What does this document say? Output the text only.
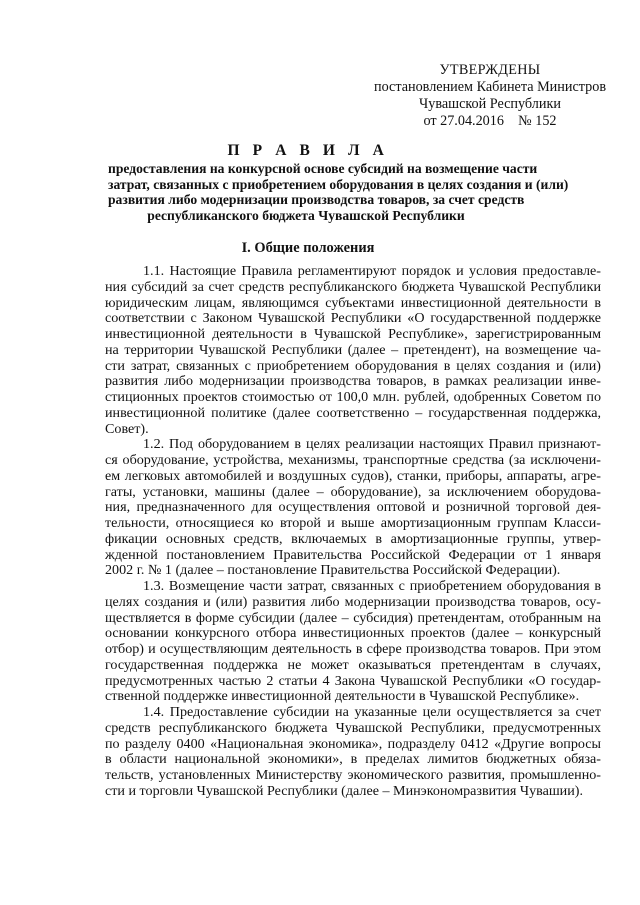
УТВЕРЖДЕНЫ
постановлением Кабинета Министров
Чувашской Республики
от 27.04.2016    № 152
П Р А В И Л А
предоставления на конкурсной основе субсидий на возмещение части
затрат, связанных с приобретением оборудования в целях создания и (или)
развития либо модернизации производства товаров, за счет средств
республиканского бюджета Чувашской Республики
I. Общие положения
1.1. Настоящие Правила регламентируют порядок и условия предоставле-
ния субсидий за счет средств республиканского бюджета Чувашской Республики
юридическим лицам, являющимся субъектами инвестиционной деятельности в
соответствии с Законом Чувашской Республики «О государственной поддержке
инвестиционной деятельности в Чувашской Республике», зарегистрированным
на территории Чувашской Республики (далее – претендент), на возмещение ча-
сти затрат, связанных с приобретением оборудования в целях создания и (или)
развития либо модернизации производства товаров, в рамках реализации инве-
стиционных проектов стоимостью от 100,0 млн. рублей, одобренных Советом по
инвестиционной политике (далее соответственно – государственная поддержка,
Совет).
1.2. Под оборудованием в целях реализации настоящих Правил признают-
ся оборудование, устройства, механизмы, транспортные средства (за исключени-
ем легковых автомобилей и воздушных судов), станки, приборы, аппараты, агре-
гаты, установки, машины (далее – оборудование), за исключением оборудова-
ния, предназначенного для осуществления оптовой и розничной торговой дея-
тельности, относящиеся ко второй и выше амортизационным группам Класси-
фикации основных средств, включаемых в амортизационные группы, утвер-
жденной постановлением Правительства Российской Федерации от 1 января
2002 г. № 1 (далее – постановление Правительства Российской Федерации).
1.3. Возмещение части затрат, связанных с приобретением оборудования в
целях создания и (или) развития либо модернизации производства товаров, осу-
ществляется в форме субсидии (далее – субсидия) претендентам, отобранным на
основании конкурсного отбора инвестиционных проектов (далее – конкурсный
отбор) и осуществляющим деятельность в сфере производства товаров. При этом
государственная поддержка не может оказываться претендентам в случаях,
предусмотренных частью 2 статьи 4 Закона Чувашской Республики «О государ-
ственной поддержке инвестиционной деятельности в Чувашской Республике».
1.4. Предоставление субсидии на указанные цели осуществляется за счет
средств республиканского бюджета Чувашской Республики, предусмотренных
по разделу 0400 «Национальная экономика», подразделу 0412 «Другие вопросы
в области национальной экономики», в пределах лимитов бюджетных обяза-
тельств, установленных Министерству экономического развития, промышленно-
сти и торговли Чувашской Республики (далее – Минэкономразвития Чувашии).
